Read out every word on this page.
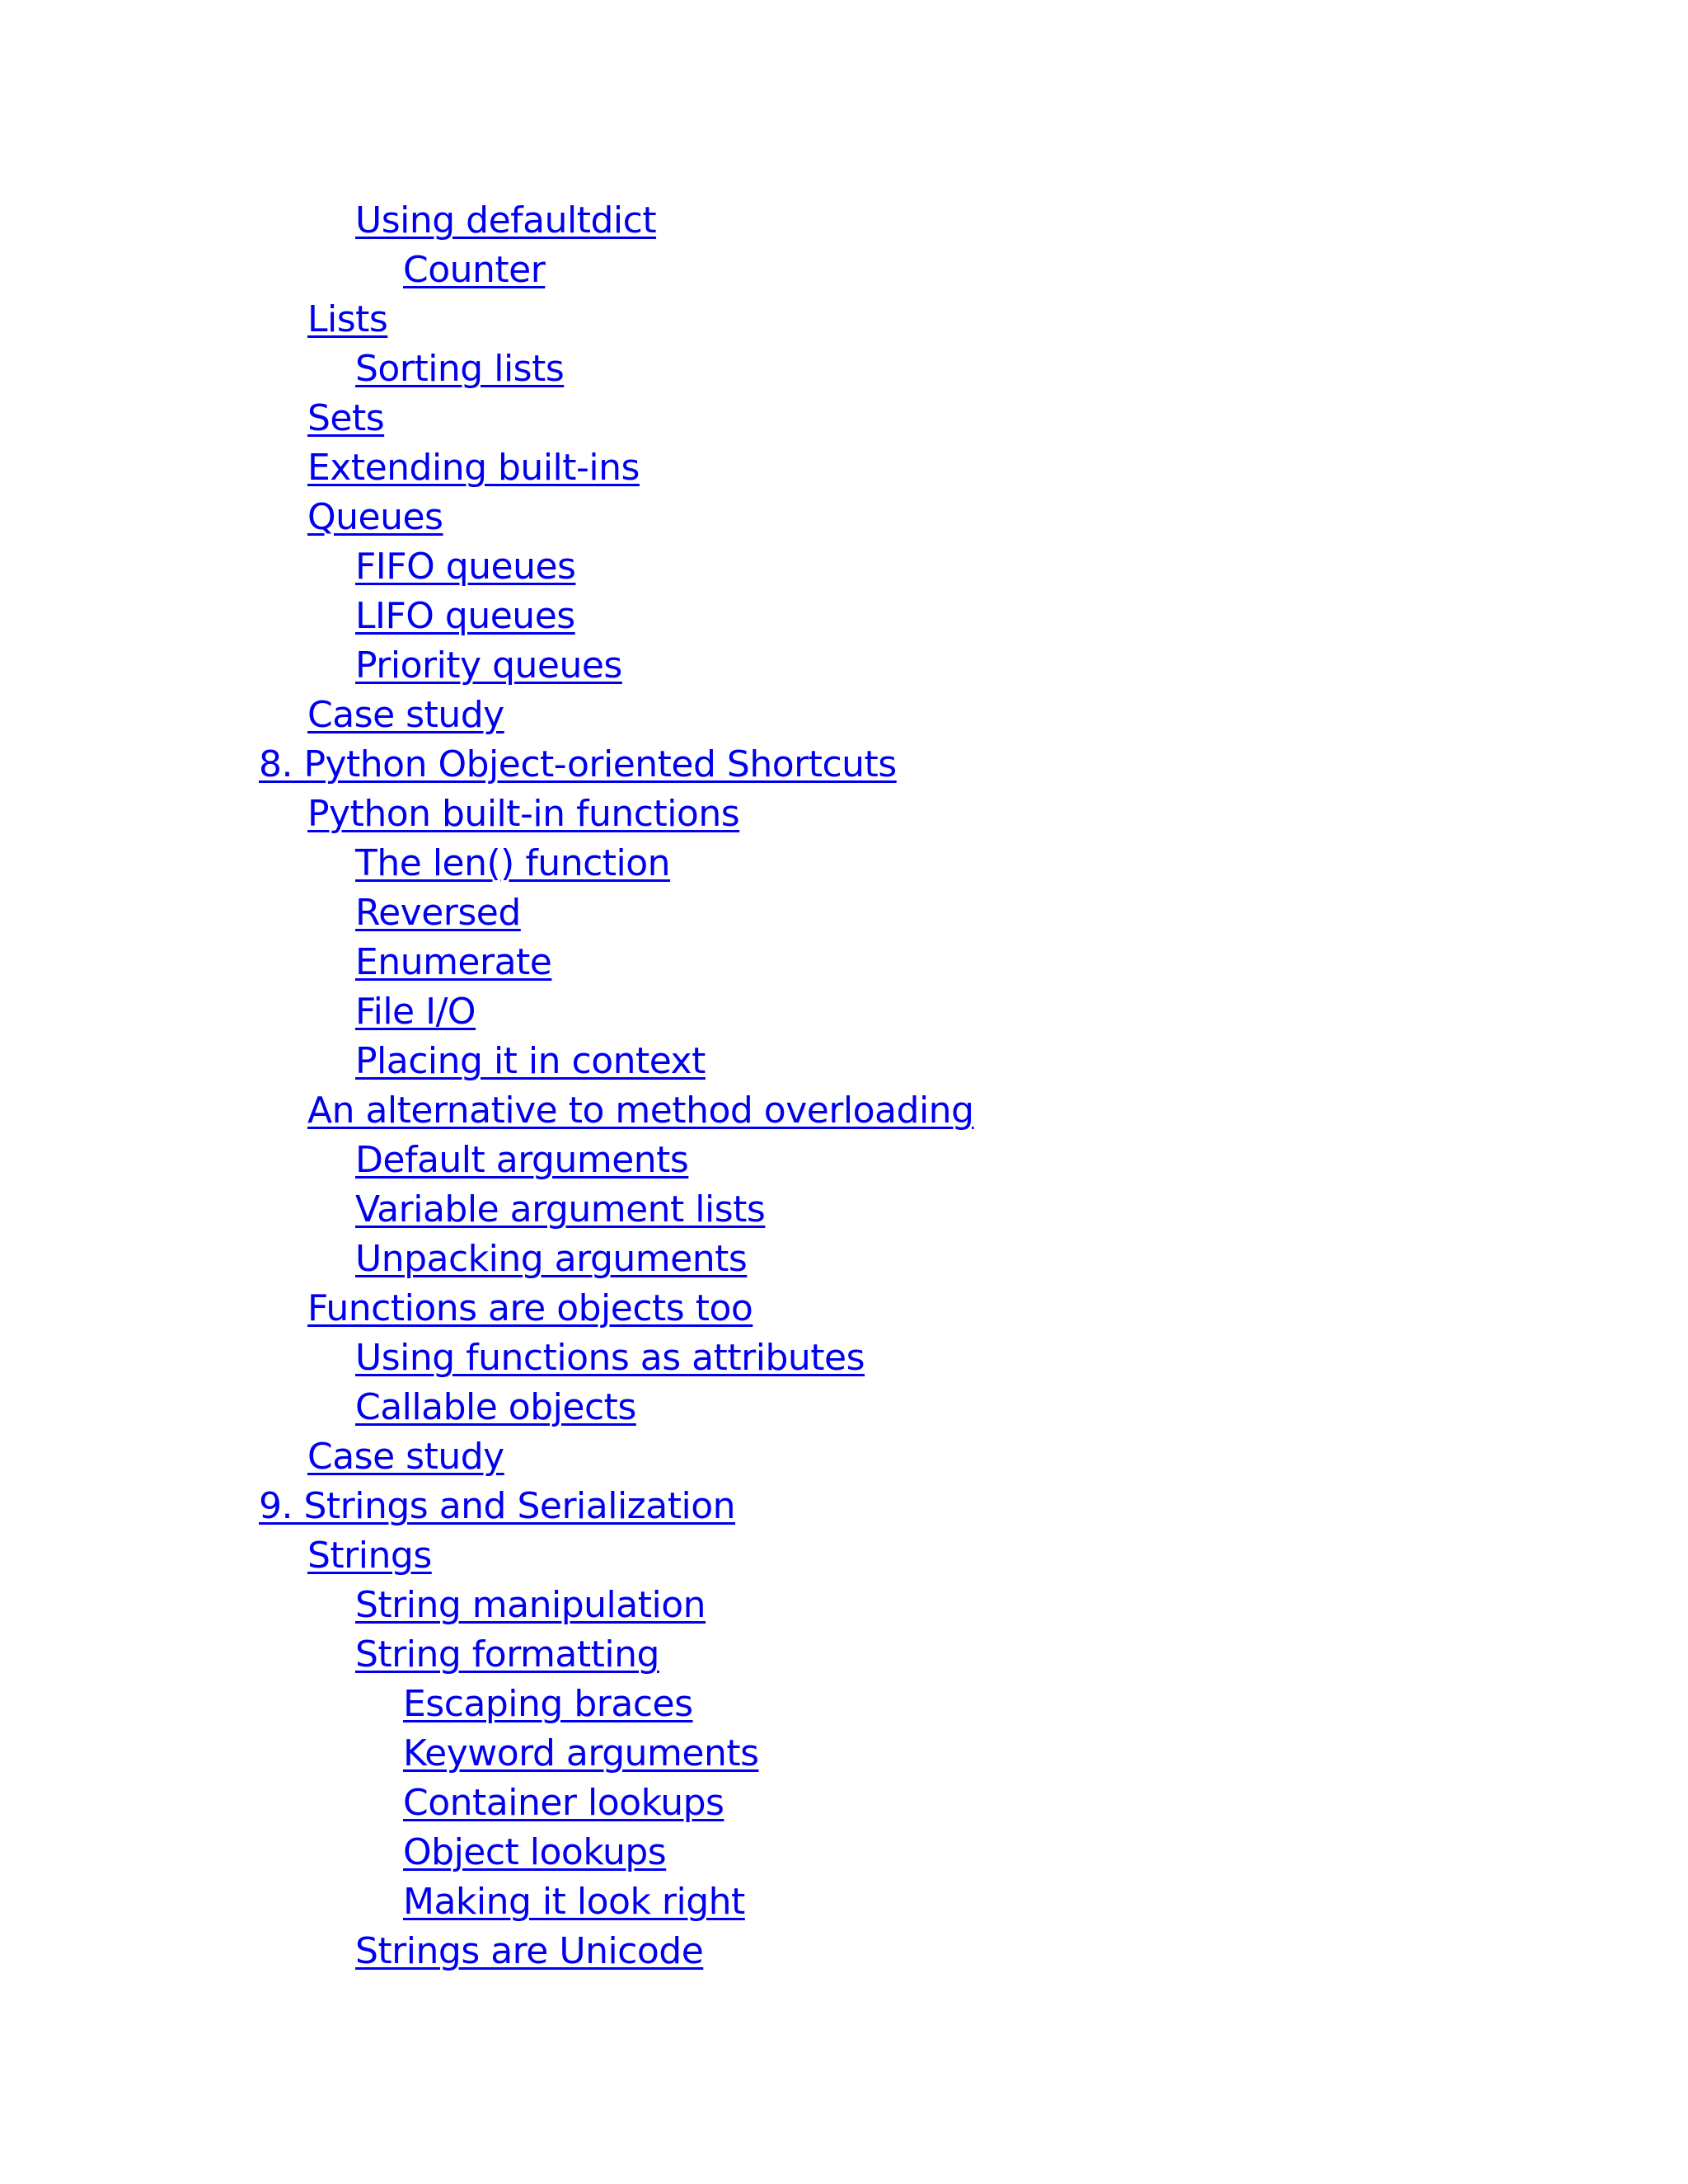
Using defaultdict
Counter
Lists
Sorting lists
Sets
Extending built-ins
Queues
FIFO queues
LIFO queues
Priority queues
Case study
8. Python Object-oriented Shortcuts
Python built-in functions
The len() function
Reversed
Enumerate
File I/O
Placing it in context
An alternative to method overloading
Default arguments
Variable argument lists
Unpacking arguments
Functions are objects too
Using functions as attributes
Callable objects
Case study
9. Strings and Serialization
Strings
String manipulation
String formatting
Escaping braces
Keyword arguments
Container lookups
Object lookups
Making it look right
Strings are Unicode
